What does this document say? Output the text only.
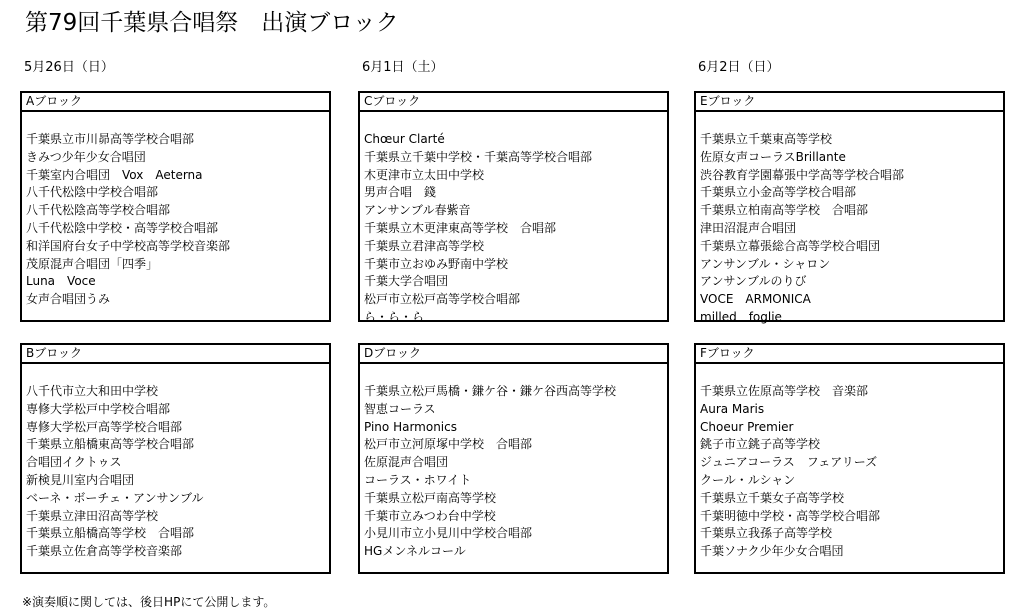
第79回千葉県合唱祭　出演ブロック
5月26日（日）	6月1日（土）	6月2日（日）
Aブロック
千葉県立市川昴高等学校合唱部
きみつ少年少女合唱団
千葉室内合唱団　Vox　Aeterna
八千代松陰中学校合唱部
八千代松陰高等学校合唱部
八千代松陰中学校・高等学校合唱部
和洋国府台女子中学校高等学校音楽部
茂原混声合唱団「四季」
Luna　Voce
女声合唱団うみ
Cブロック
Chœur Clarté
千葉県立千葉中学校・千葉高等学校合唱部
木更津市立太田中学校
男声合唱　錢
アンサンブル春紫音
千葉県立木更津東高等学校　合唱部
千葉県立君津高等学校
千葉市立おゆみ野南中学校
千葉大学合唱団
松戸市立松戸高等学校合唱部
ら・ら・ら
Eブロック
千葉県立千葉東高等学校
佐原女声コーラスBrillante
渋谷教育学園幕張中学高等学校合唱部
千葉県立小金高等学校合唱部
千葉県立柏南高等学校　合唱部
津田沼混声合唱団
千葉県立幕張総合高等学校合唱団
アンサンブル・シャロン
アンサンブルのりび
VOCE　ARMONICA
milled　foglie
Bブロック
八千代市立大和田中学校
専修大学松戸中学校合唱部
専修大学松戸高等学校合唱部
千葉県立船橋東高等学校合唱部
合唱団イクトゥス
新検見川室内合唱団
ベーネ・ボーチェ・アンサンブル
千葉県立津田沼高等学校
千葉県立船橋高等学校　合唱部
千葉県立佐倉高等学校音楽部
Dブロック
千葉県立松戸馬橋・鎌ケ谷・鎌ケ谷西高等学校
智恵コーラス
Pino Harmonics
松戸市立河原塚中学校　合唱部
佐原混声合唱団
コーラス・ホワイト
千葉県立松戸南高等学校
千葉市立みつわ台中学校
小見川市立小見川中学校合唱部
HGメンネルコール
Fブロック
千葉県立佐原高等学校　音楽部
Aura Maris
Choeur Premier
銚子市立銚子高等学校
ジュニアコーラス　フェアリーズ
クール・ルシャン
千葉県立千葉女子高等学校
千葉明徳中学校・高等学校合唱部
千葉県立我孫子高等学校
千葉ソナク少年少女合唱団
※演奏順に関しては、後日HPにて公開します。
